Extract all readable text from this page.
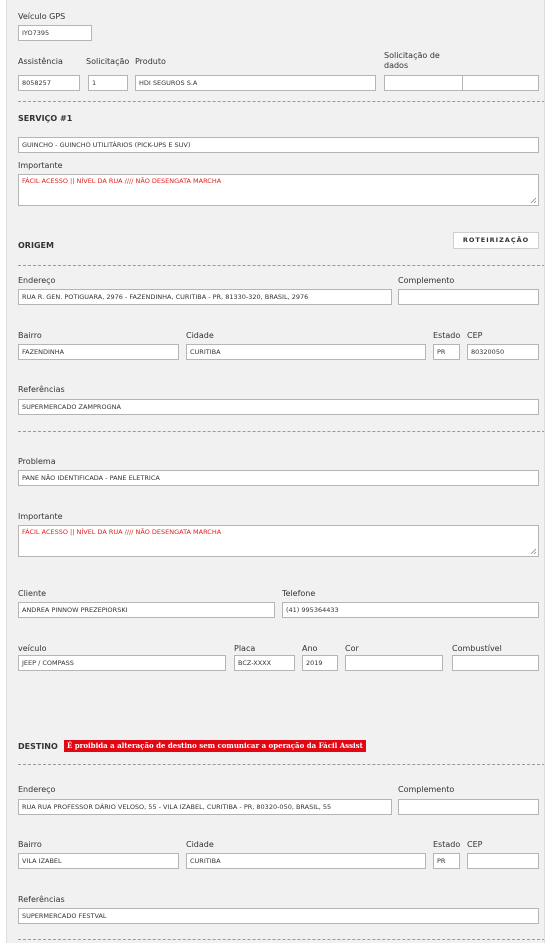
Veículo GPS
IYO7395
Assistência
8058257
Solicitação
1
Produto
HDI SEGUROS S.A
Solicitação de dados
SERVIÇO #1
GUINCHO - GUINCHO UTILITÁRIOS (PICK-UPS E SUV)
Importante
FÁCIL ACESSO || NÍVEL DA RUA //// NÃO DESENGATA MARCHA
ORIGEM
ROTEIRIZAÇÃO
Endereço
RUA R. GEN. POTIGUARA, 2976 - FAZENDINHA, CURITIBA - PR, 81330-320, BRASIL, 2976
Complemento
Bairro
FAZENDINHA
Cidade
CURITIBA
Estado
PR
CEP
80320050
Referências
SUPERMERCADO ZAMPROGNA
Problema
PANE NÃO IDENTIFICADA - PANE ELETRICA
Importante
FÁCIL ACESSO || NÍVEL DA RUA //// NÃO DESENGATA MARCHA
Cliente
ANDREA PINNOW PREZEPIORSKI
Telefone
(41) 995364433
veículo
JEEP / COMPASS
Placa
BCZ-XXXX
Ano
2019
Cor	Combustível
DESTINO	É proibida a alteração de destino sem comunicar a operação da Fácil Assist
Endereço
RUA RUA PROFESSOR DÁRIO VELOSO, 55 - VILA IZABEL, CURITIBA - PR, 80320-050, BRASIL, 55
Complemento
Bairro
VILA IZABEL
Cidade
CURITIBA
Estado
PR
CEP
Referências
SUPERMERCADO FESTVAL
